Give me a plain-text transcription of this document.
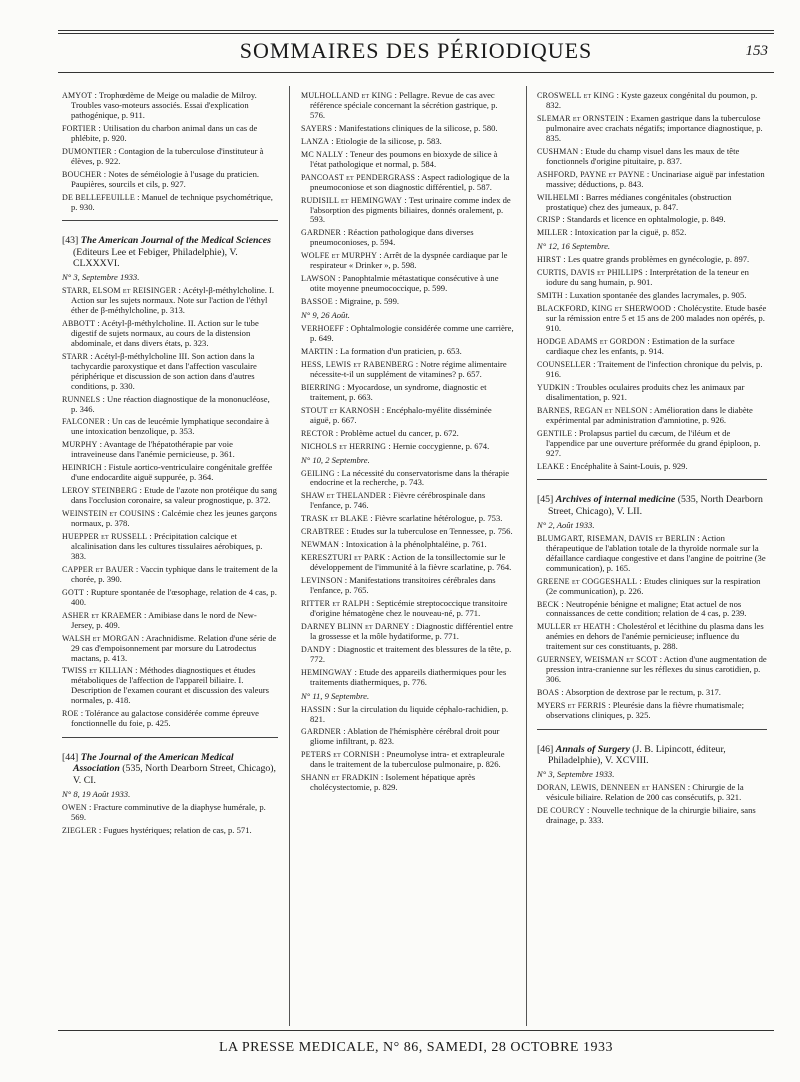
SOMMAIRES DES PÉRIODIQUES	153
AMYOT : Trophœdème de Meige ou maladie de Milroy. Troubles vaso-moteurs associés. Essai d'explication pathogénique, p. 911.
FORTIER : Utilisation du charbon animal dans un cas de phlébite, p. 920.
DUMONTIER : Contagion de la tuberculose d'instituteur à élèves, p. 922.
BOUCHER : Notes de séméiologie à l'usage du praticien. Paupières, sourcils et cils, p. 927.
DE BELLEFEUILLE : Manuel de technique psychométrique, p. 930.
[43] The American Journal of the Medical Sciences (Editeurs Lee et Febiger, Philadelphie), V. CLXXXVI.
N° 3, Septembre 1933.
STARR, ELSOM et REISINGER : Acétyl-β-méthylcholine. I. Action sur les sujets normaux. Note sur l'action de l'éthyl éther de β-méthylcholine, p. 313.
ABBOTT : Acétyl-β-méthylcholine. II. Action sur le tube digestif de sujets normaux, au cours de la distension abdominale, et dans divers états, p. 323.
STARR : Acétyl-β-méthylcholine III. Son action dans la tachycardie paroxystique et dans l'affection vasculaire périphérique et discussion de son action dans d'autres conditions, p. 330.
RUNNELS : Une réaction diagnostique de la mononucléose, p. 346.
FALCONER : Un cas de leucémie lymphatique secondaire à une intoxication benzolique, p. 353.
MURPHY : Avantage de l'hépatothérapie par voie intraveineuse dans l'anémie pernicieuse, p. 361.
HEINRICH : Fistule aortico-ventriculaire congénitale greffée d'une endocardite aiguë suppurée, p. 364.
LEROY STEINBERG : Etude de l'azote non protéique du sang dans l'occlusion coronaire, sa valeur prognostique, p. 372.
WEINSTEIN et COUSINS : Calcémie chez les jeunes garçons normaux, p. 378.
HUEPPER et RUSSELL : Précipitation calcique et alcalinisation dans les cultures tissulaires aérobiques, p. 383.
CAPPER et BAUER : Vaccin typhique dans le traitement de la chorée, p. 390.
GOTT : Rupture spontanée de l'œsophage, relation de 4 cas, p. 400.
ASHER et KRAEMER : Amibiase dans le nord de New-Jersey, p. 409.
WALSH et MORGAN : Arachnidisme. Relation d'une série de 29 cas d'empoisonnement par morsure du Latrodectus mactans, p. 413.
TWISS et KILLIAN : Méthodes diagnostiques et études métaboliques de l'affection de l'appareil biliaire. I. Description de l'examen courant et discussion des valeurs normales, p. 418.
ROE : Tolérance au galactose considérée comme épreuve fonctionnelle du foie, p. 425.
[44] The Journal of the American Medical Association (535, North Dearborn Street, Chicago), V. CI.
N° 8, 19 Août 1933.
OWEN : Fracture comminutive de la diaphyse humérale, p. 569.
ZIEGLER : Fugues hystériques; relation de cas, p. 571.
MULHOLLAND et KING : Pellagre. Revue de cas avec référence spéciale concernant la sécrétion gastrique, p. 576.
SAYERS : Manifestations cliniques de la silicose, p. 580.
LANZA : Etiologie de la silicose, p. 583.
MC NALLY : Teneur des poumons en bioxyde de silice à l'état pathologique et normal, p. 584.
PANCOAST et PENDERGRASS : Aspect radiologique de la pneumoconiose et son diagnostic différentiel, p. 587.
RUDISILL et HEMINGWAY : Test urinaire comme index de l'absorption des pigments biliaires, donnés oralement, p. 593.
GARDNER : Réaction pathologique dans diverses pneumoconioses, p. 594.
WOLFE et MURPHY : Arrêt de la dyspnée cardiaque par le respirateur « Drinker », p. 598.
LAWSON : Panophtalmie métastatique consécutive à une otite moyenne pneumococcique, p. 599.
BASSOE : Migraine, p. 599.
N° 9, 26 Août.
VERHOEFF : Ophtalmologie considérée comme une carrière, p. 649.
MARTIN : La formation d'un praticien, p. 653.
HESS, LEWIS et RABENBERG : Notre régime alimentaire nécessite-t-il un supplément de vitamines? p. 657.
BIERRING : Myocardose, un syndrome, diagnostic et traitement, p. 663.
STOUT et KARNOSH : Encéphalo-myélite disséminée aiguë, p. 667.
RECTOR : Problème actuel du cancer, p. 672.
NICHOLS et HERRING : Hernie coccygienne, p. 674.
N° 10, 2 Septembre.
GEILING : La nécessité du conservatorisme dans la thérapie endocrine et la recherche, p. 743.
SHAW et THELANDER : Fièvre cérébrospinale dans l'enfance, p. 746.
TRASK et BLAKE : Fièvre scarlatine hétérologue, p. 753.
CRABTREE : Etudes sur la tuberculose en Tennessee, p. 756.
NEWMAN : Intoxication à la phénolphtaléine, p. 761.
KERESZTURI et PARK : Action de la tonsillectomie sur le développement de l'immunité à la fièvre scarlatine, p. 764.
LEVINSON : Manifestations transitoires cérébrales dans l'enfance, p. 765.
RITTER et RALPH : Septicémie streptococcique transitoire d'origine hématogène chez le nouveau-né, p. 771.
DARNEY BLINN et DARNEY : Diagnostic différentiel entre la grossesse et la môle hydatiforme, p. 771.
DANDY : Diagnostic et traitement des blessures de la tête, p. 772.
HEMINGWAY : Etude des appareils diathermiques pour les traitements diathermiques, p. 776.
N° 11, 9 Septembre.
HASSIN : Sur la circulation du liquide céphalo-rachidien, p. 821.
GARDNER : Ablation de l'hémisphère cérébral droit pour gliome infiltrant, p. 823.
PETERS et CORNISH : Pneumolyse intra- et extrapleurale dans le traitement de la tuberculose pulmonaire, p. 826.
SHANN et FRADKIN : Isolement hépatique après cholécystectomie, p. 829.
CROSWELL et KING : Kyste gazeux congénital du poumon, p. 832.
SLEMAR et ORNSTEIN : Examen gastrique dans la tuberculose pulmonaire avec crachats négatifs; importance diagnostique, p. 835.
CUSHMAN : Etude du champ visuel dans les maux de tête fonctionnels d'origine pituitaire, p. 837.
ASHFORD, PAYNE et PAYNE : Uncinariase aiguë par infestation massive; déductions, p. 843.
WILHELMI : Barres médianes congénitales (obstruction prostatique) chez des jumeaux, p. 847.
CRISP : Standards et licence en ophtalmologie, p. 849.
MILLER : Intoxication par la ciguë, p. 852.
N° 12, 16 Septembre.
HIRST : Les quatre grands problèmes en gynécologie, p. 897.
CURTIS, DAVIS et PHILLIPS : Interprétation de la teneur en iodure du sang humain, p. 901.
SMITH : Luxation spontanée des glandes lacrymales, p. 905.
BLACKFORD, KING et SHERWOOD : Cholécystite. Etude basée sur la rémission entre 5 et 15 ans de 200 malades non opérés, p. 910.
HODGE ADAMS et GORDON : Estimation de la surface cardiaque chez les enfants, p. 914.
COUNSELLER : Traitement de l'infection chronique du pelvis, p. 916.
YUDKIN : Troubles oculaires produits chez les animaux par disalimentation, p. 921.
BARNES, REGAN et NELSON : Amélioration dans le diabète expérimental par administration d'amniotine, p. 926.
GENTILE : Prolapsus partiel du cæcum, de l'iléum et de l'appendice par une ouverture préformée du grand épiploon, p. 927.
LEAKE : Encéphalite à Saint-Louis, p. 929.
[45] Archives of internal medicine (535, North Dearborn Street, Chicago), V. LII.
N° 2, Août 1933.
BLUMGART, RISEMAN, DAVIS et BERLIN : Action thérapeutique de l'ablation totale de la thyroïde normale sur la défaillance cardiaque congestive et dans l'angine de poitrine (3e communication), p. 165.
GREENE et COGGESHALL : Etudes cliniques sur la respiration (2e communication), p. 226.
BECK : Neutropénie bénigne et maligne; Etat actuel de nos connaissances de cette condition; relation de 4 cas, p. 239.
MULLER et HEATH : Cholestérol et lécithine du plasma dans les anémies en dehors de l'anémie pernicieuse; influence du traitement sur ces constituants, p. 288.
GUERNSEY, WEISMAN et SCOT : Action d'une augmentation de pression intra-cranienne sur les réflexes du sinus carotidien, p. 306.
BOAS : Absorption de dextrose par le rectum, p. 317.
MYERS et FERRIS : Pleurésie dans la fièvre rhumatismale; observations cliniques, p. 325.
[46] Annals of Surgery (J. B. Lipincott, éditeur, Philadelphie), V. XCVIII.
N° 3, Septembre 1933.
DORAN, LEWIS, DENNEEN et HANSEN : Chirurgie de la vésicule biliaire. Relation de 200 cas consécutifs, p. 321.
DE COURCY : Nouvelle technique de la chirurgie biliaire, sans drainage, p. 333.
LA PRESSE MEDICALE, N° 86, SAMEDI, 28 OCTOBRE 1933
